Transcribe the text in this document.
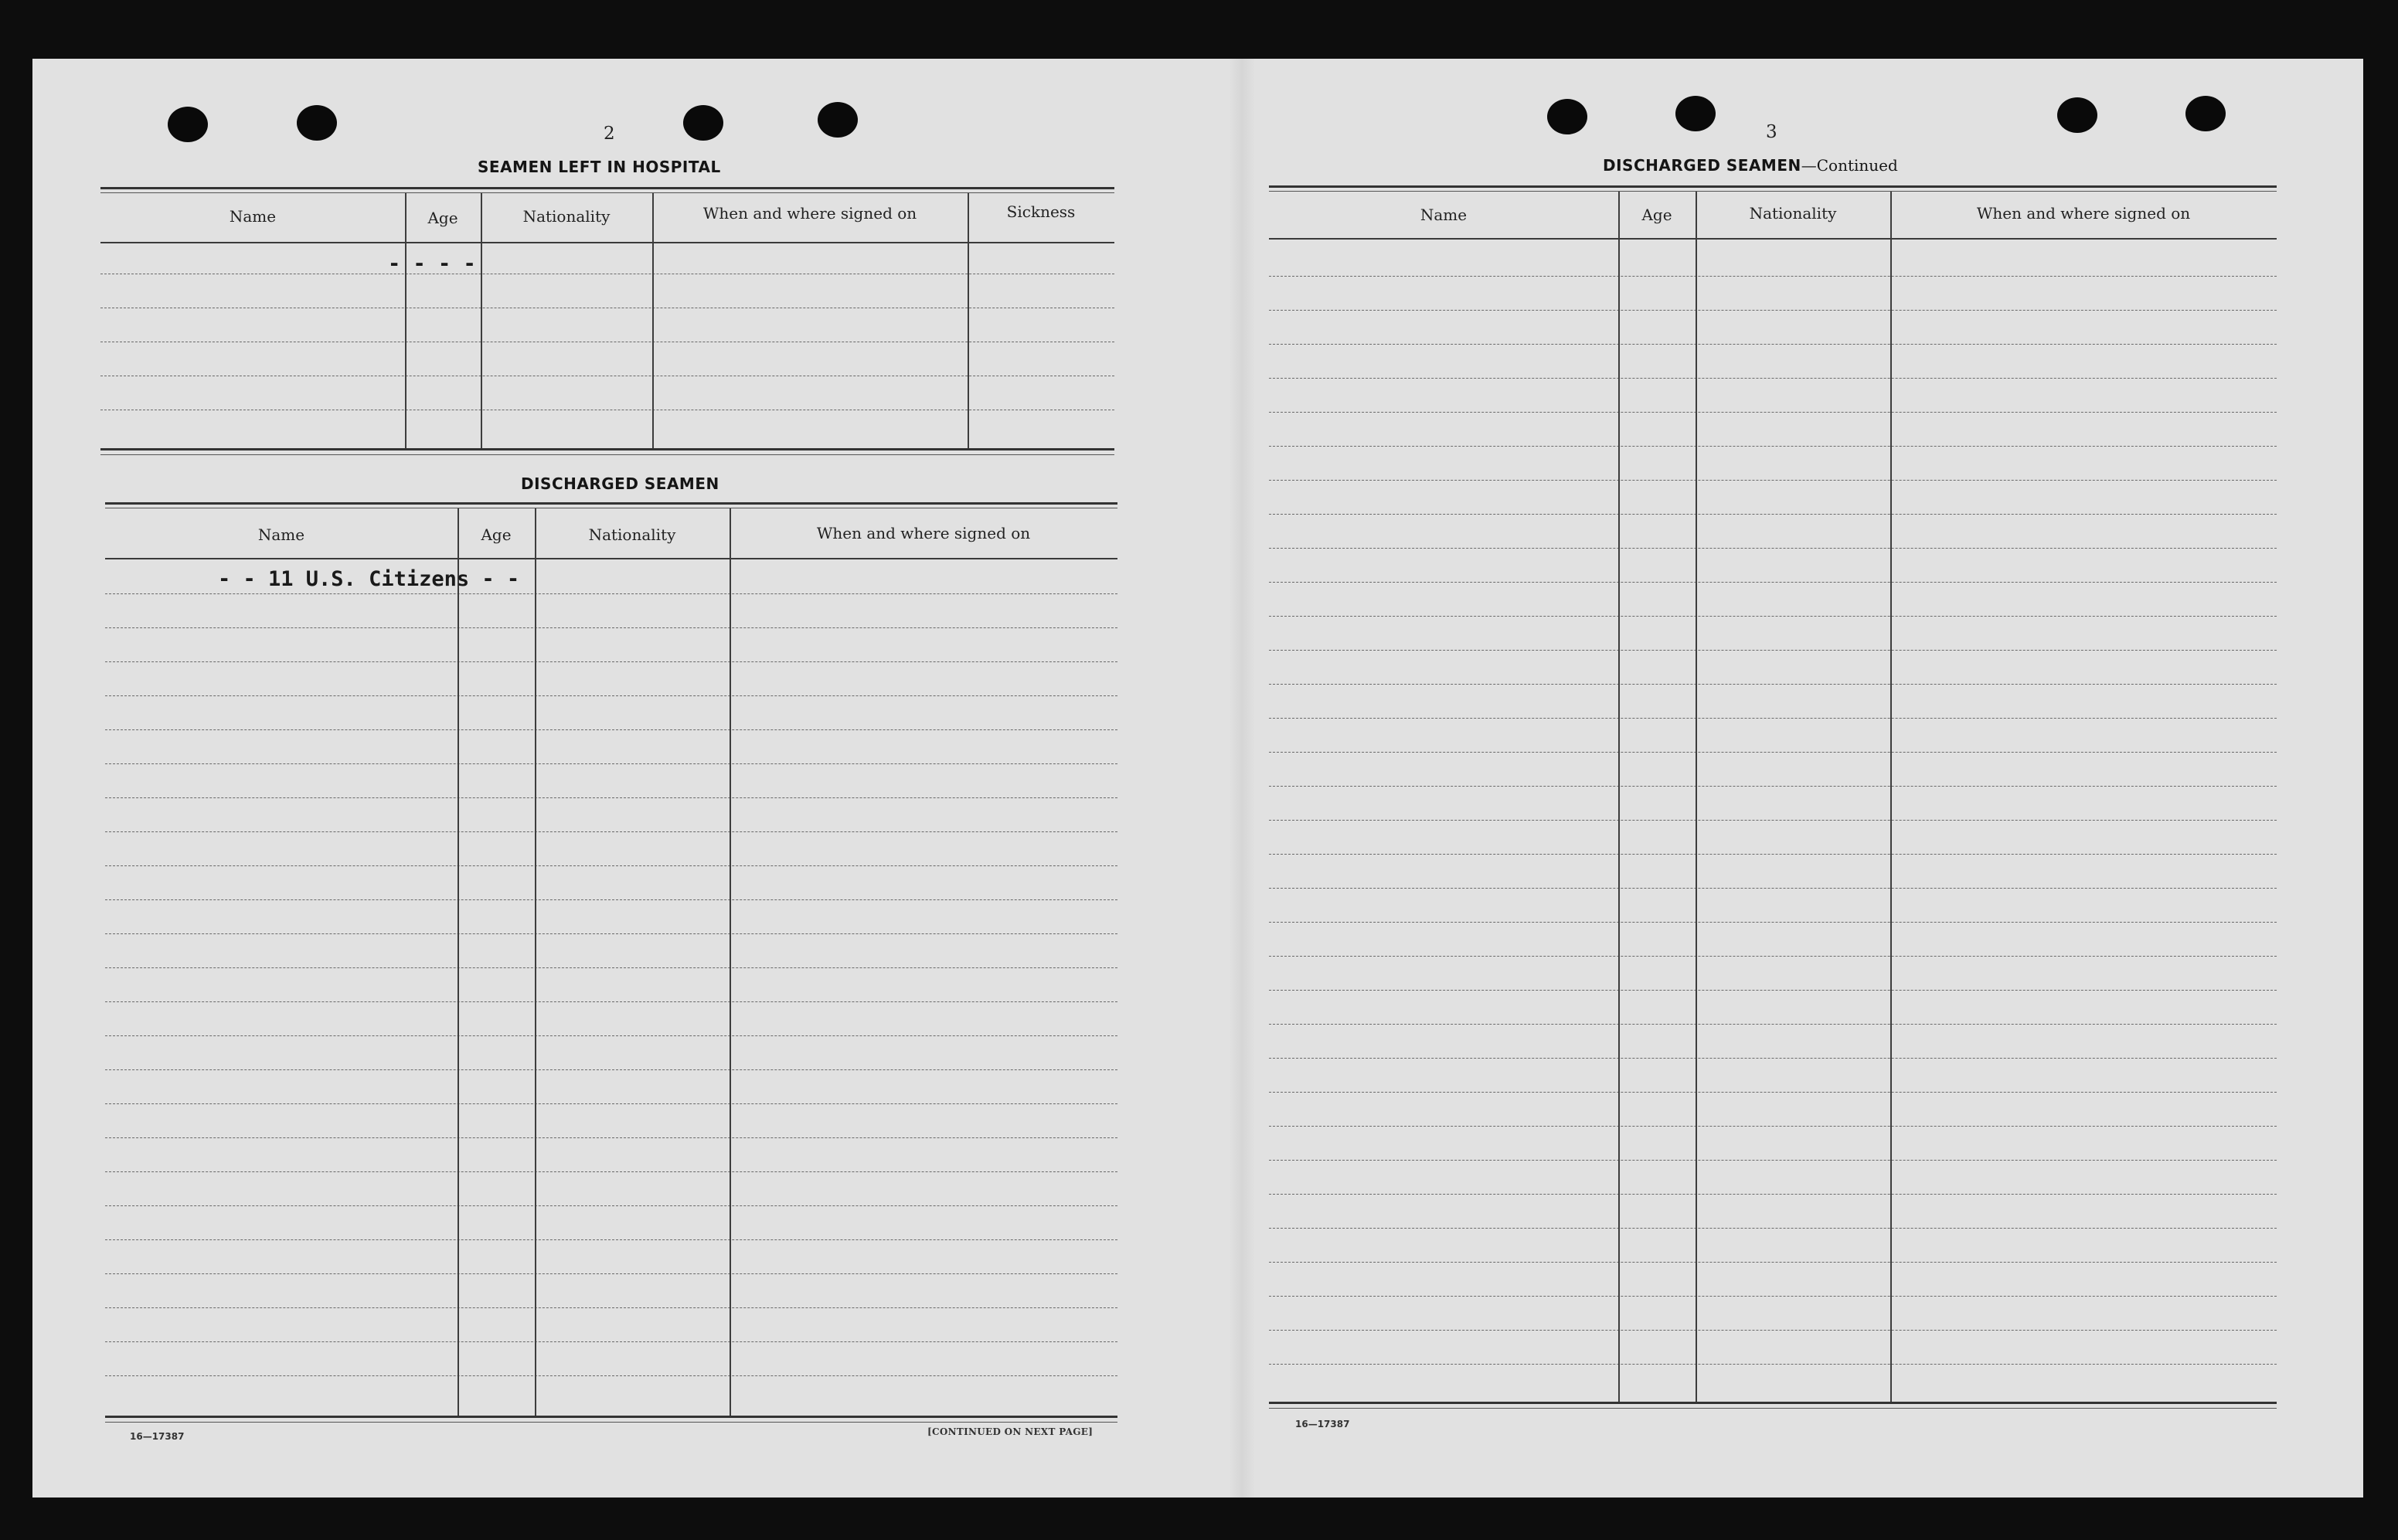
2
SEAMEN LEFT IN HOSPITAL
Name	Age	Nationality	When and where signed on	Sickness
- - - -
DISCHARGED SEAMEN
Name	Age	Nationality	When and where signed on
- - 11 U.S. Citizens - -
16—17387	[CONTINUED ON NEXT PAGE]
3
DISCHARGED SEAMEN—Continued
Name	Age	Nationality	When and where signed on
16—17387
